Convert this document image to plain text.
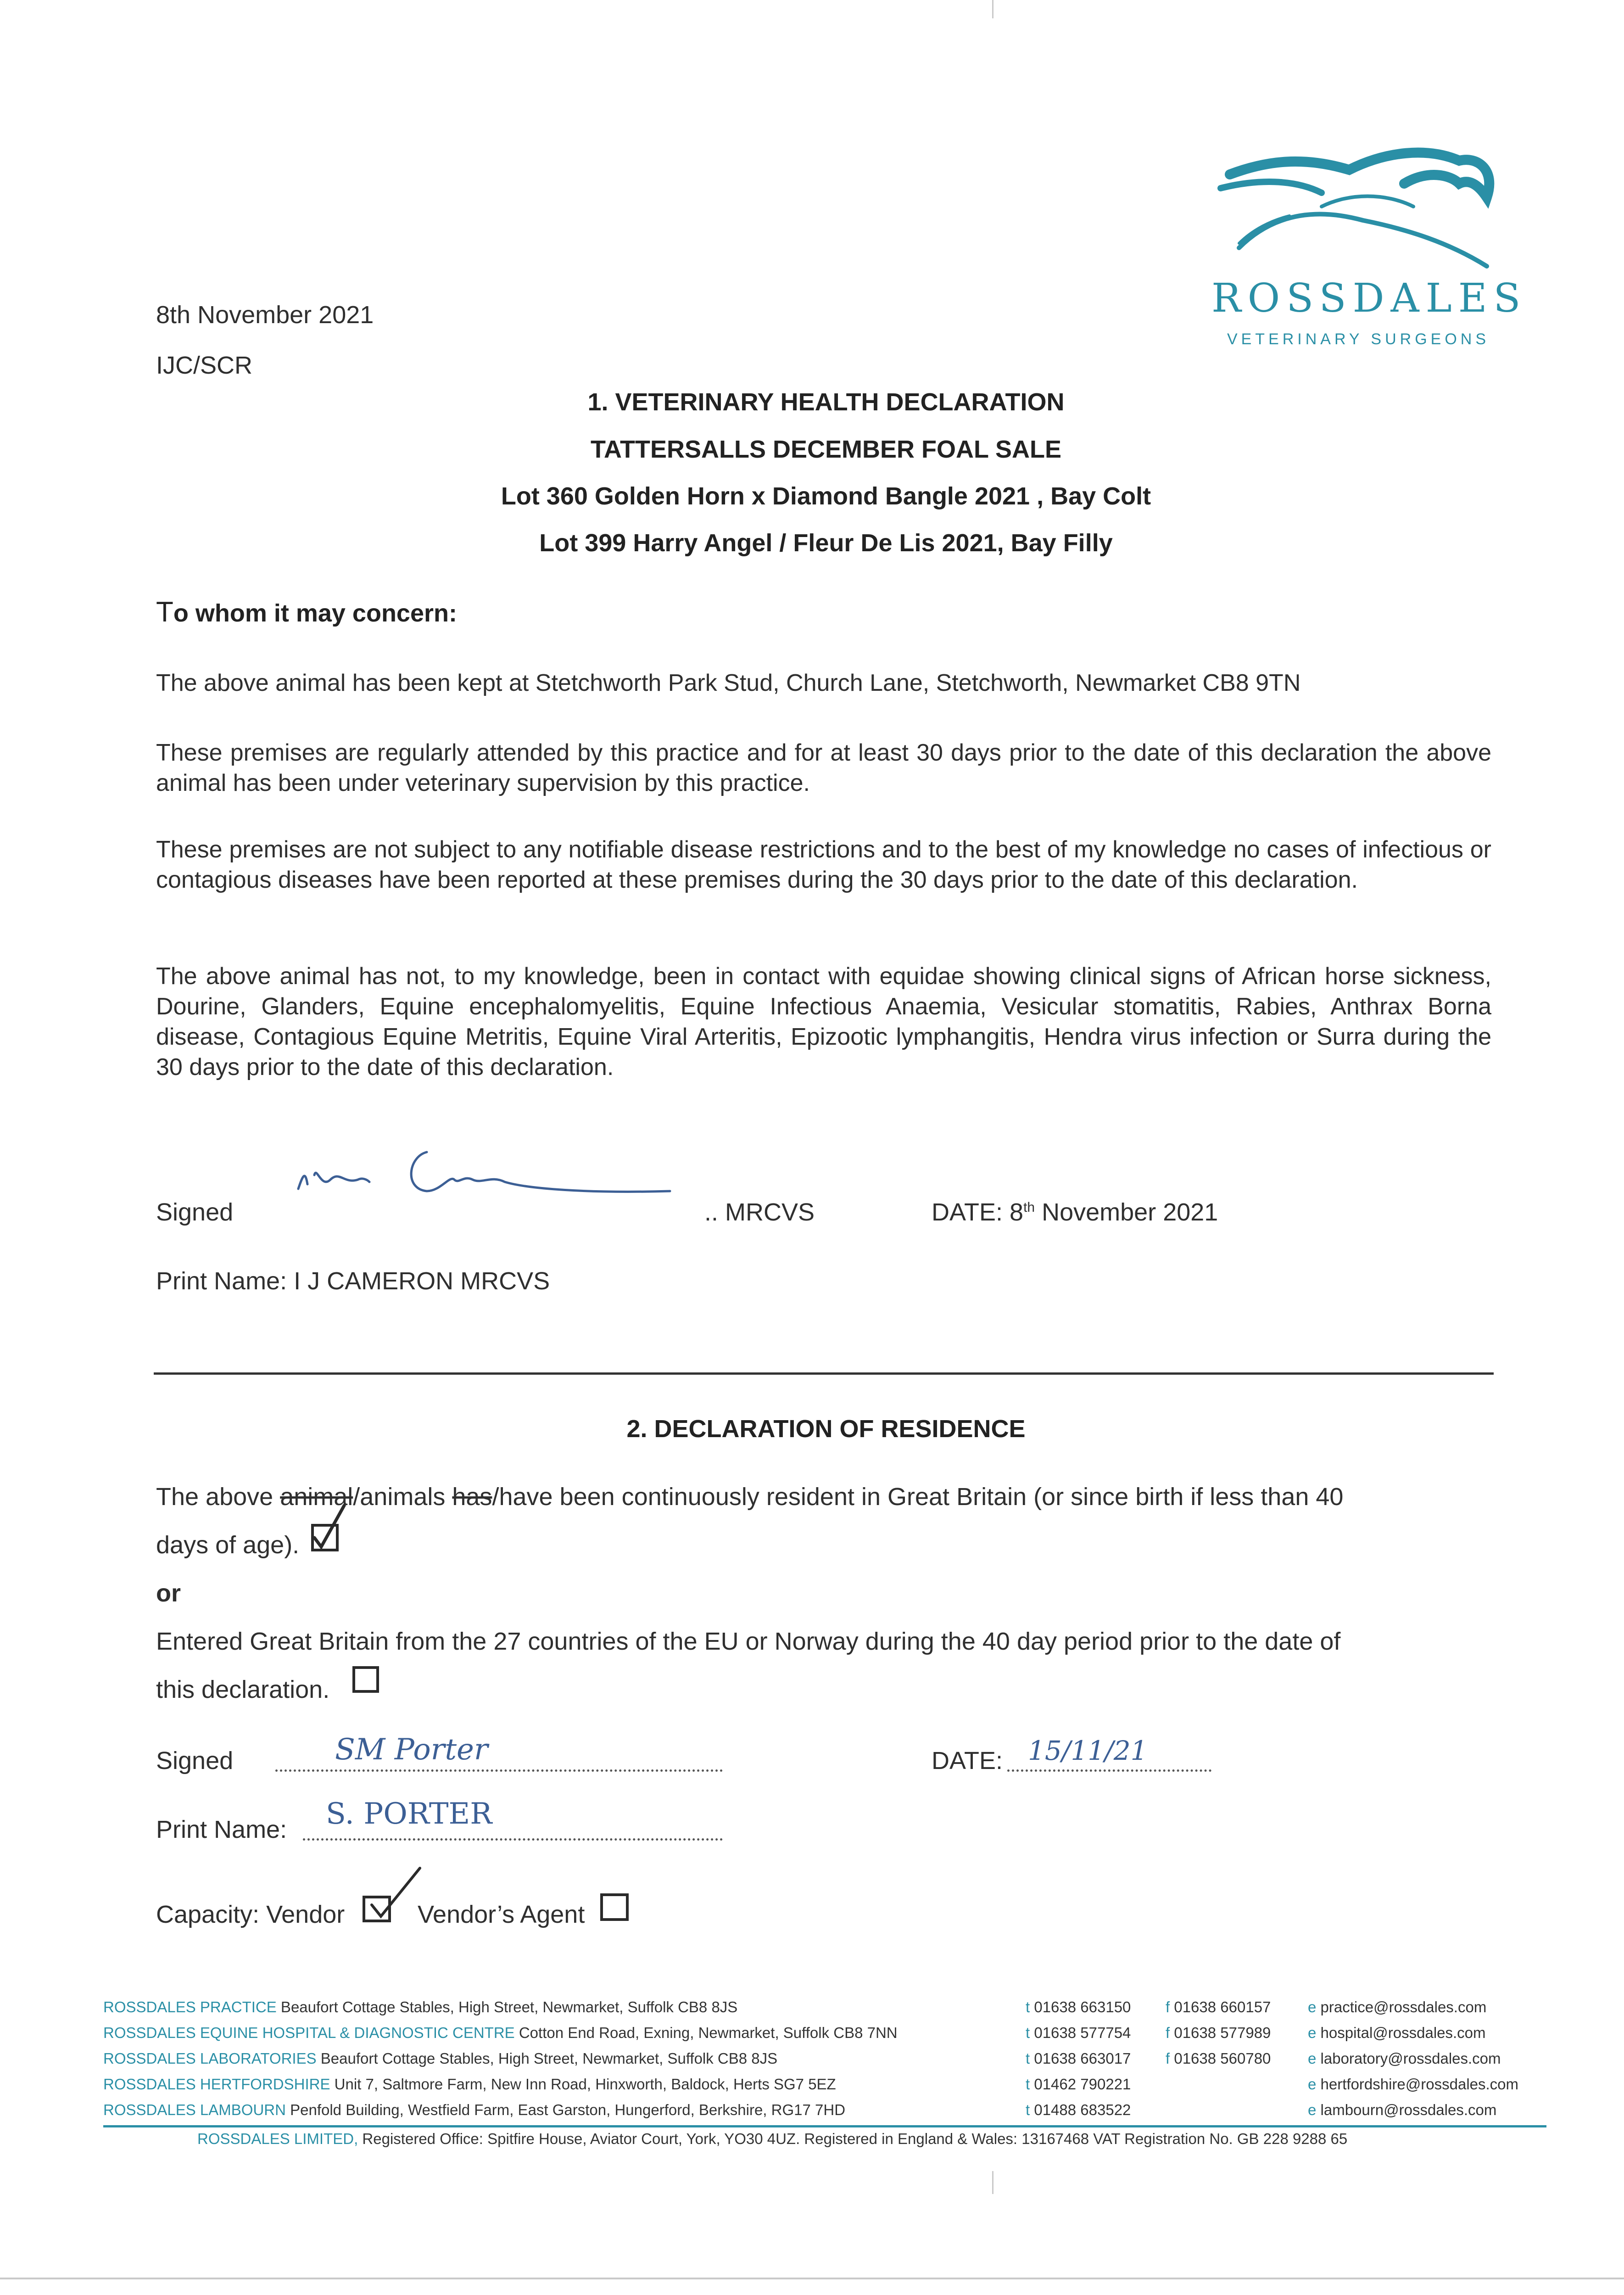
ROSSDALES
VETERINARY SURGEONS
8th November 2021
IJC/SCR
1. VETERINARY HEALTH DECLARATION
TATTERSALLS DECEMBER FOAL SALE
Lot 360 Golden Horn x Diamond Bangle 2021 , Bay Colt
Lot 399 Harry Angel / Fleur De Lis 2021, Bay Filly
To whom it may concern:
The above animal has been kept at Stetchworth Park Stud, Church Lane, Stetchworth, Newmarket CB8 9TN
These premises are regularly attended by this practice and for at least 30 days prior to the date of this declaration the above animal has been under veterinary supervision by this practice.
These premises are not subject to any notifiable disease restrictions and to the best of my knowledge no cases of infectious or contagious diseases have been reported at these premises during the 30 days prior to the date of this declaration.
The above animal has not, to my knowledge, been in contact with equidae showing clinical signs of African horse sickness, Dourine, Glanders, Equine encephalomyelitis, Equine Infectious Anaemia, Vesicular stomatitis, Rabies, Anthrax Borna disease, Contagious Equine Metritis, Equine Viral Arteritis, Epizootic lymphangitis, Hendra virus infection or Surra during the 30 days prior to the date of this declaration.
Signed	.. MRCVS	DATE: 8th November 2021
Print Name: I J CAMERON MRCVS
2. DECLARATION OF RESIDENCE
The above animal/animals has/have been continuously resident in Great Britain (or since birth if less than 40
days of age).
or
Entered Great Britain from the 27 countries of the EU or Norway during the 40 day period prior to the date of
this declaration.
Signed	SM Porter	DATE: 15/11/21
Print Name: S. PORTER
Capacity: Vendor	Vendor’s Agent
ROSSDALES PRACTICE Beaufort Cottage Stables, High Street, Newmarket, Suffolk CB8 8JS	t 01638 663150 f 01638 660157 e practice@rossdales.com
ROSSDALES EQUINE HOSPITAL & DIAGNOSTIC CENTRE Cotton End Road, Exning, Newmarket, Suffolk CB8 7NN	t 01638 577754 f 01638 577989 e hospital@rossdales.com
ROSSDALES LABORATORIES Beaufort Cottage Stables, High Street, Newmarket, Suffolk CB8 8JS	t 01638 663017 f 01638 560780 e laboratory@rossdales.com
ROSSDALES HERTFORDSHIRE Unit 7, Saltmore Farm, New Inn Road, Hinxworth, Baldock, Herts SG7 5EZ	t 01462 790221	e hertfordshire@rossdales.com
ROSSDALES LAMBOURN Penfold Building, Westfield Farm, East Garston, Hungerford, Berkshire, RG17 7HD	t 01488 683522	e lambourn@rossdales.com
ROSSDALES LIMITED, Registered Office: Spitfire House, Aviator Court, York, YO30 4UZ. Registered in England & Wales: 13167468 VAT Registration No. GB 228 9288 65
